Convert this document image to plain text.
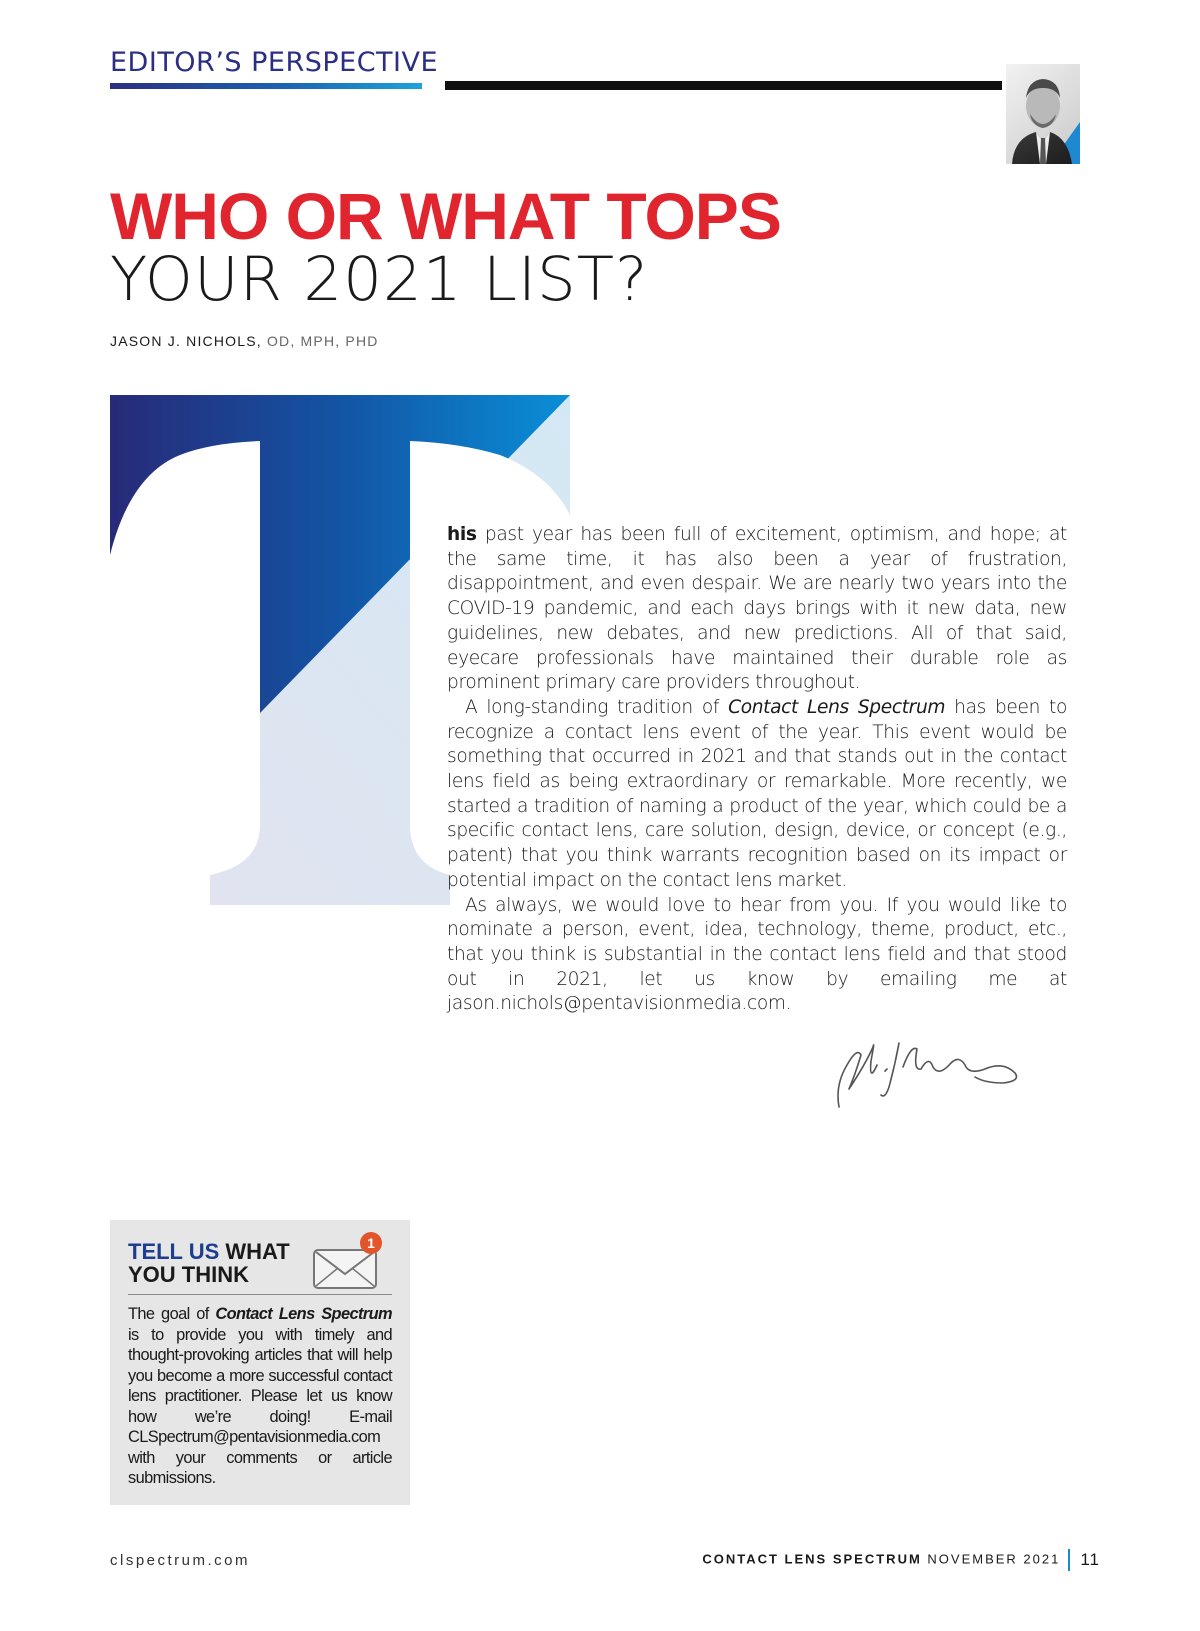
EDITOR’S PERSPECTIVE
WHO OR WHAT TOPS
YOUR 2021 LIST?
JASON J. NICHOLS, OD, MPH, PHD

his past year has been full of excitement, optimism, and hope; at the same time, it has also been a year of frustration, disappointment, and even despair. We are nearly two years into the COVID-19 pandemic, and each days brings with it new data, new guidelines, new debates, and new predictions. All of that said, eyecare professionals have maintained their durable role as prominent primary care providers throughout.

A long-standing tradition of Contact Lens Spectrum has been to recognize a contact lens event of the year. This event would be something that occurred in 2021 and that stands out in the contact lens field as being extraordinary or remarkable. More recently, we started a tradition of naming a product of the year, which could be a specific contact lens, care solution, design, device, or concept (e.g., patent) that you think warrants recognition based on its impact or potential impact on the contact lens market.

As always, we would love to hear from you. If you would like to nominate a person, event, idea, technology, theme, product, etc., that you think is substantial in the contact lens field and that stood out in 2021, let us know by emailing me at jason.nichols@pentavisionmedia.com.

TELL US WHAT
YOU THINK
1
The goal of Contact Lens Spectrum is to provide you with timely and thought-provoking articles that will help you become a more successful contact lens practitioner. Please let us know how we’re doing! E-mail CLSpectrum@pentavisionmedia.com with your comments or article submissions.
clspectrum.com	CONTACT LENS SPECTRUM NOVEMBER 2021 11
